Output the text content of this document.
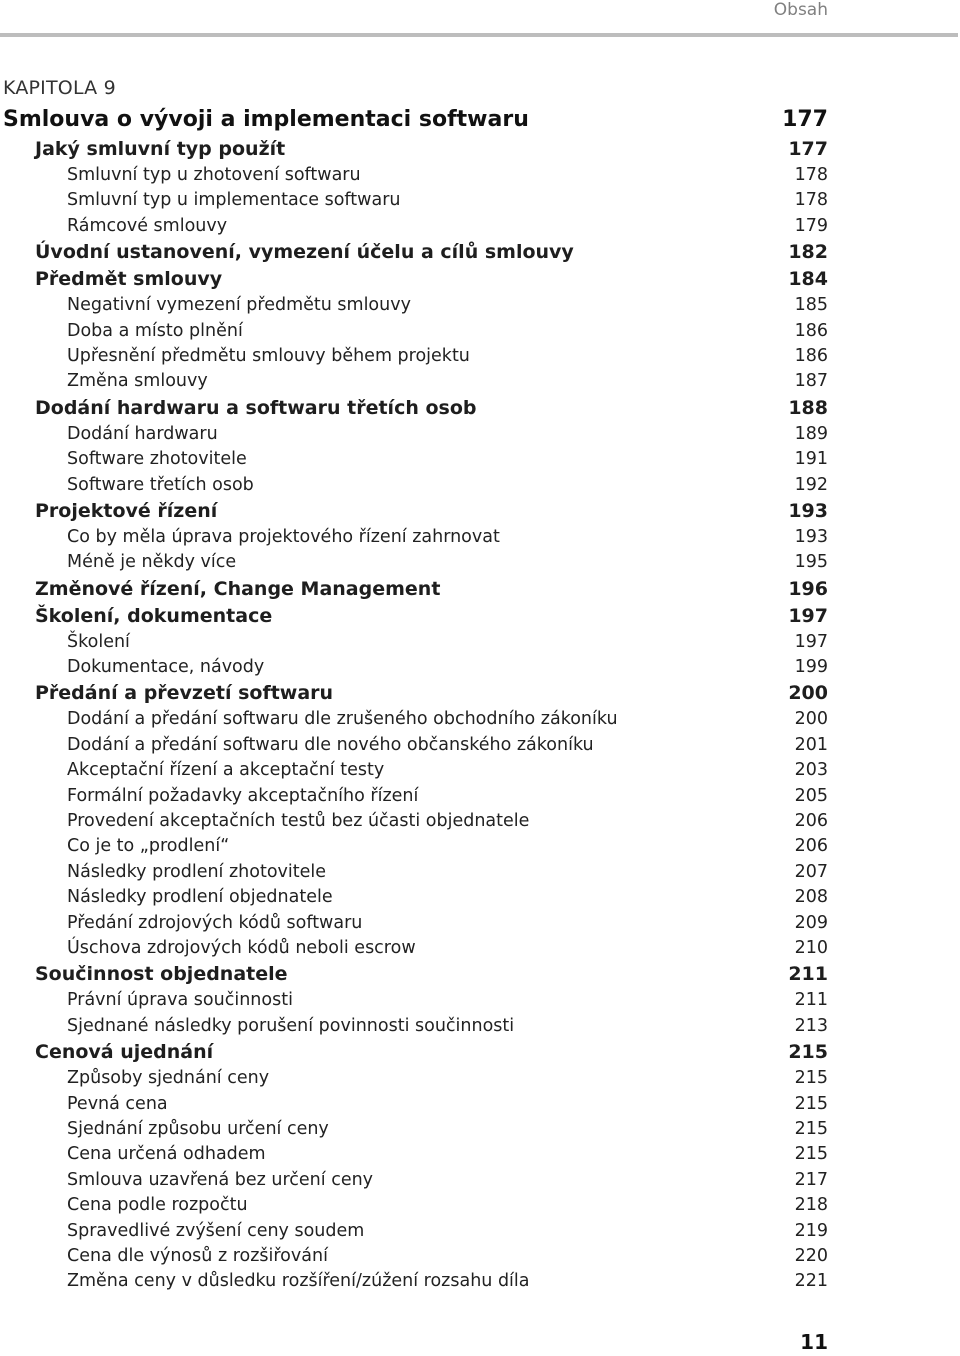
Obsah
KAPITOLA 9
Smlouva o vývoji a implementaci softwaru	177
Jaký smluvní typ použít	177
Smluvní typ u zhotovení softwaru	178
Smluvní typ u implementace softwaru	178
Rámcové smlouvy	179
Úvodní ustanovení, vymezení účelu a cílů smlouvy	182
Předmět smlouvy	184
Negativní vymezení předmětu smlouvy	185
Doba a místo plnění	186
Upřesnění předmětu smlouvy během projektu	186
Změna smlouvy	187
Dodání hardwaru a softwaru třetích osob	188
Dodání hardwaru	189
Software zhotovitele	191
Software třetích osob	192
Projektové řízení	193
Co by měla úprava projektového řízení zahrnovat	193
Méně je někdy více	195
Změnové řízení, Change Management	196
Školení, dokumentace	197
Školení	197
Dokumentace, návody	199
Předání a převzetí softwaru	200
Dodání a předání softwaru dle zrušeného obchodního zákoníku	200
Dodání a předání softwaru dle nového občanského zákoníku	201
Akceptační řízení a akceptační testy	203
Formální požadavky akceptačního řízení	205
Provedení akceptačních testů bez účasti objednatele	206
Co je to „prodlení“	206
Následky prodlení zhotovitele	207
Následky prodlení objednatele	208
Předání zdrojových kódů softwaru	209
Úschova zdrojových kódů neboli escrow	210
Součinnost objednatele	211
Právní úprava součinnosti	211
Sjednané následky porušení povinnosti součinnosti	213
Cenová ujednání	215
Způsoby sjednání ceny	215
Pevná cena	215
Sjednání způsobu určení ceny	215
Cena určená odhadem	215
Smlouva uzavřená bez určení ceny	217
Cena podle rozpočtu	218
Spravedlivé zvýšení ceny soudem	219
Cena dle výnosů z rozšiřování	220
Změna ceny v důsledku rozšíření/zúžení rozsahu díla	221
11
